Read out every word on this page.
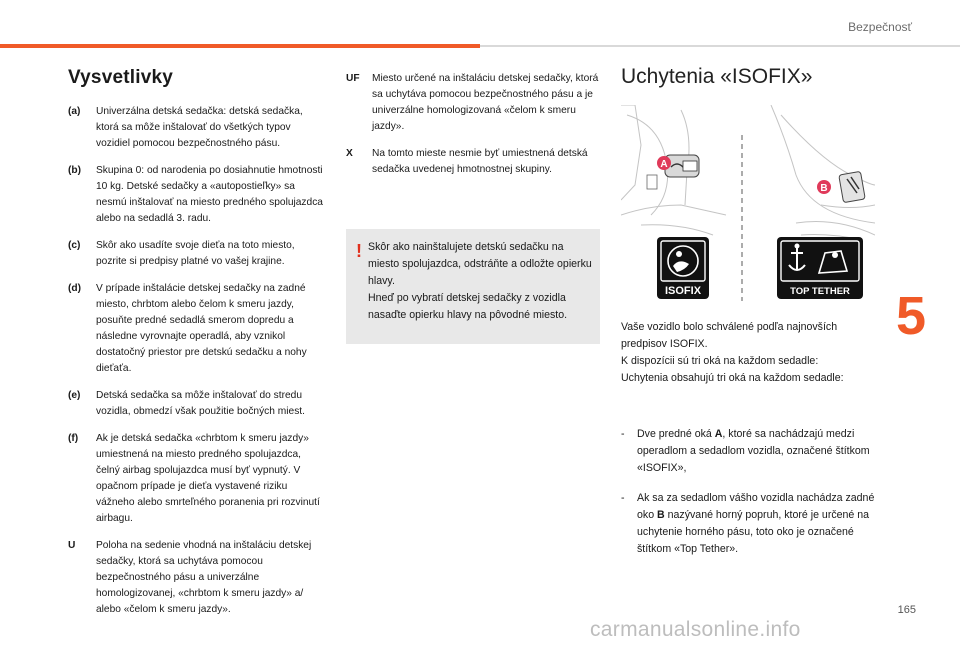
Bezpečnosť
5
Vysvetlivky
(a)	Univerzálna detská sedačka: detská sedačka, ktorá sa môže inštalovať do všetkých typov vozidiel pomocou bezpečnostného pásu.
(b)	Skupina 0: od narodenia po dosiahnutie hmotnosti 10 kg. Detské sedačky a «autopostieľky» sa nesmú inštalovať na miesto predného spolujazdca alebo na sedadlá 3. radu.
(c)	Skôr ako usadíte svoje dieťa na toto miesto, pozrite si predpisy platné vo vašej krajine.
(d)	V prípade inštalácie detskej sedačky na zadné miesto, chrbtom alebo čelom k smeru jazdy, posuňte predné sedadlá smerom dopredu a následne vyrovnajte operadlá, aby vznikol dostatočný priestor pre detskú sedačku a nohy dieťaťa.
(e)	Detská sedačka sa môže inštalovať do stredu vozidla, obmedzí však použitie bočných miest.
(f)	Ak je detská sedačka «chrbtom k smeru jazdy» umiestnená na miesto predného spolujazdca, čelný airbag spolujazdca musí byť vypnutý. V opačnom prípade je dieťa vystavené riziku vážneho alebo smrteľného poranenia pri rozvinutí airbagu.
U	Poloha na sedenie vhodná na inštaláciu detskej sedačky, ktorá sa uchytáva pomocou bezpečnostného pásu a univerzálne homologizovanej, «chrbtom k smeru jazdy» a/ alebo «čelom k smeru jazdy».
UF	Miesto určené na inštaláciu detskej sedačky, ktorá sa uchytáva pomocou bezpečnostného pásu a je univerzálne homologizovaná «čelom k smeru jazdy».
X	Na tomto mieste nesmie byť umiestnená detská sedačka uvedenej hmotnostnej skupiny.
! Skôr ako nainštalujete detskú sedačku na miesto spolujazdca, odstráňte a odložte opierku hlavy.
Hneď po vybratí detskej sedačky z vozidla nasaďte opierku hlavy na pôvodné miesto.
Uchytenia «ISOFIX»
A
B
ISOFIX	TOP TETHER
Vaše vozidlo bolo schválené podľa najnovších predpisov ISOFIX.
K dispozícii sú tri oká na každom sedadle:
Uchytenia obsahujú tri oká na každom sedadle:
-	Dve predné oká A, ktoré sa nachádzajú medzi operadlom a sedadlom vozidla, označené štítkom «ISOFIX»,
-	Ak sa za sedadlom vášho vozidla nachádza zadné oko B nazývané horný popruh, ktoré je určené na uchytenie horného pásu, toto oko je označené štítkom «Top Tether».
165
carmanualsonline.info
